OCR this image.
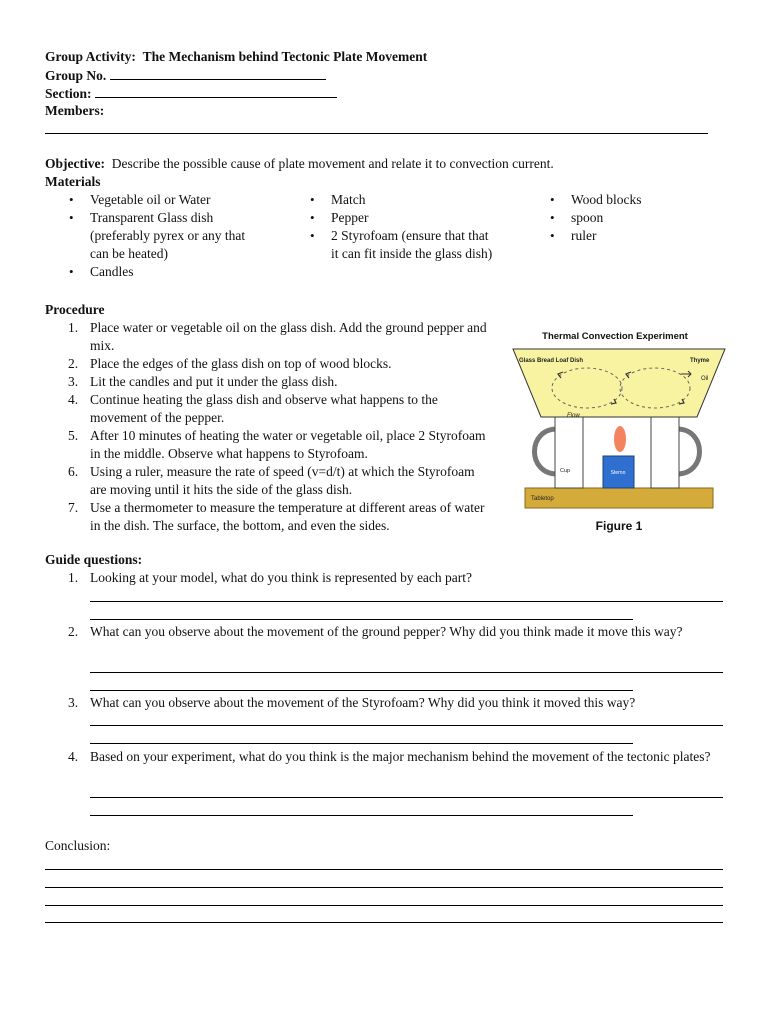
Group Activity: The Mechanism behind Tectonic Plate Movement
Group No.
Section:
Members:
Objective: Describe the possible cause of plate movement and relate it to convection current.
Materials
• Vegetable oil or Water
• Transparent Glass dish (preferably pyrex or any that can be heated)
• Candles
• Match
• Pepper
• 2 Styrofoam (ensure that that it can fit inside the glass dish)
• Wood blocks
• spoon
• ruler
Procedure
1. Place water or vegetable oil on the glass dish. Add the ground pepper and mix.
2. Place the edges of the glass dish on top of wood blocks.
3. Lit the candles and put it under the glass dish.
4. Continue heating the glass dish and observe what happens to the movement of the pepper.
5. After 10 minutes of heating the water or vegetable oil, place 2 Styrofoam in the middle. Observe what happens to Styrofoam.
6. Using a ruler, measure the rate of speed (v=d/t) at which the Styrofoam are moving until it hits the side of the glass dish.
7. Use a thermometer to measure the temperature at different areas of water in the dish. The surface, the bottom, and even the sides.
Thermal Convection Experiment
Tabletop
Cup	Sterno
Glass Bread Loaf Dish	Thyme
Oil
Flow
Figure 1
Guide questions:
1. Looking at your model, what do you think is represented by each part?
2. What can you observe about the movement of the ground pepper? Why did you think made it move this way?
3. What can you observe about the movement of the Styrofoam? Why did you think it moved this way?
4. Based on your experiment, what do you think is the major mechanism behind the movement of the tectonic plates?
Conclusion:
